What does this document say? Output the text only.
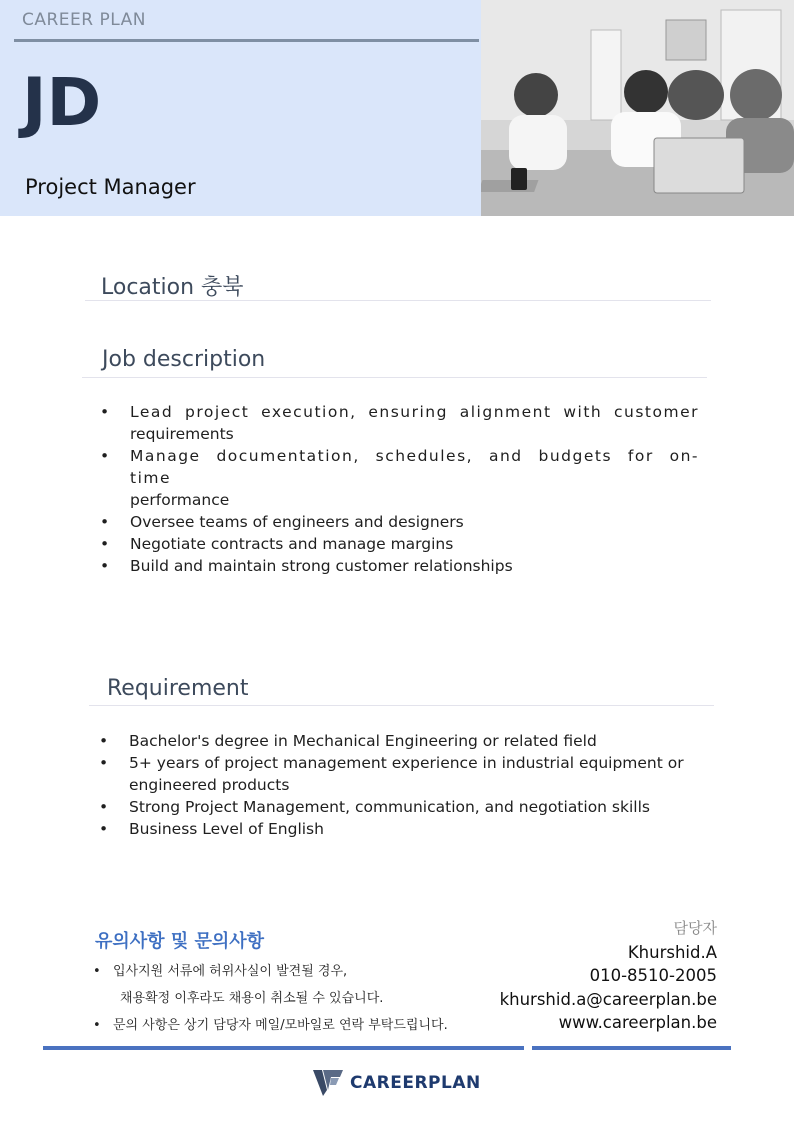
CAREER PLAN
JD
Project Manager
Location 충북
Job description
• Lead project execution, ensuring alignment with customer
requirements
• Manage documentation, schedules, and budgets for on-time
performance
• Oversee teams of engineers and designers
• Negotiate contracts and manage margins
• Build and maintain strong customer relationships
Requirement
• Bachelor's degree in Mechanical Engineering or related field
• 5+ years of project management experience in industrial equipment or
engineered products
• Strong Project Management, communication, and negotiation skills
• Business Level of English
유의사항 및 문의사항
• 입사지원 서류에 허위사실이 발견될 경우,
채용확정 이후라도 채용이 취소될 수 있습니다.
• 문의 사항은 상기 담당자 메일/모바일로 연락 부탁드립니다.
담당자
Khurshid.A
010-8510-2005
khurshid.a@careerplan.be
www.careerplan.be
CAREERPLAN
